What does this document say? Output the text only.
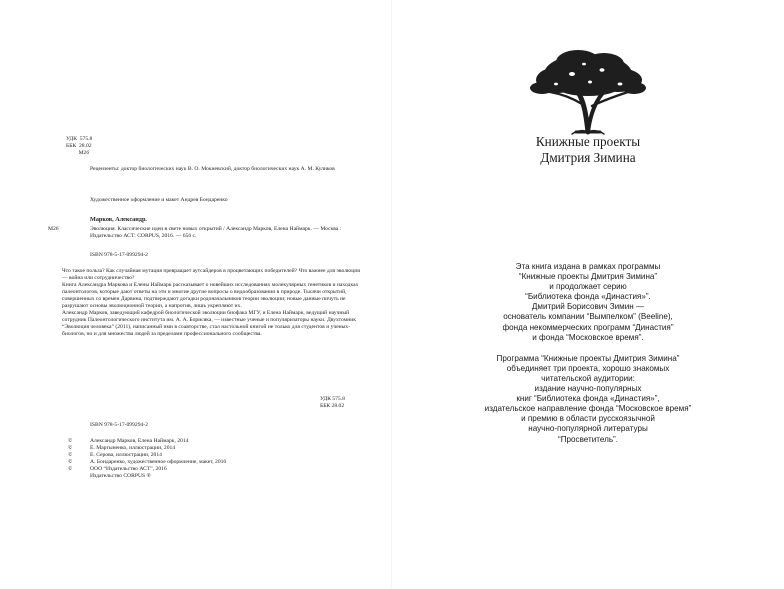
УДК  575.8
ББК  28.02
М26

Рецензенты: доктор биологических наук В. О. Мокиевский, доктор биологических наук А. М. Куликов

Художественное оформление и макет Андрея Бондаренко

Марков, Александр.

М26	Эволюция. Классические идеи в свете новых открытий / Александр Марков, Елена Наймарк. — Москва : Издательство АСТ: CORPUS, 2016. — 656 с.

ISBN 978-5-17-099294-2

Что такое польза? Как случайная мутация превращает аутсайдеров в процветающих победителей? Что важнее для эволюции — война или сотрудничество?
Книга Александра Маркова и Елены Наймарк рассказывает о новейших исследованиях молекулярных генетиков и находках палеонтологов, которые дают ответы на эти и многие другие вопросы о видообразовании в природе. Тысячи открытий, совершенных со времен Дарвина, подтверждают догадки родоначальников теории эволюции; новые данные пичуть не разрушают основы эволюционной теории, а напротив, лишь укрепляют их.
Александр Марков, заведующий кафедрой биологической эволюции биофака МГУ, и Елена Наймарк, ведущий научный сотрудник Палеонтологического института им. А. А. Борисяка, — известные ученые и популяризаторы науки. Двухтомник “Эволюция человека” (2011), написанный ими в соавторстве, стал настольной книгой не только для студентов и ученых-биологов, но и для множества людей за пределами профессионального сообщества.

УДК 575.8
ББК 28.02

ISBN 978-5-17-099294-2

©	Александр Марков, Елена Наймарк, 2014
©	Е. Мартыненко, иллюстрации, 2014
©	Е. Серова, иллюстрации, 2014
©	А. Бондаренко, художественное оформление, макет, 2016
©	ООО “Издательство АСТ”, 2016
Издательство CORPUS ®
Книжные проекты
Дмитрия Зимина
Эта книга издана в рамках программы
“Книжные проекты Дмитрия Зимина”
и продолжает серию
“Библиотека фонда «Династия»”.
Дмитрий Борисович Зимин —
основатель компании “Вымпелком” (Beeline),
фонда некоммерческих программ “Династия”
и фонда “Московское время”.
Программа “Книжные проекты Дмитрия Зимина”
объединяет три проекта, хорошо знакомых
читательской аудитории:
издание научно-популярных
книг “Библиотека фонда «Династия»”,
издательское направление фонда “Московское время”
и премию в области русскоязычной
научно-популярной литературы
“Просветитель”.
